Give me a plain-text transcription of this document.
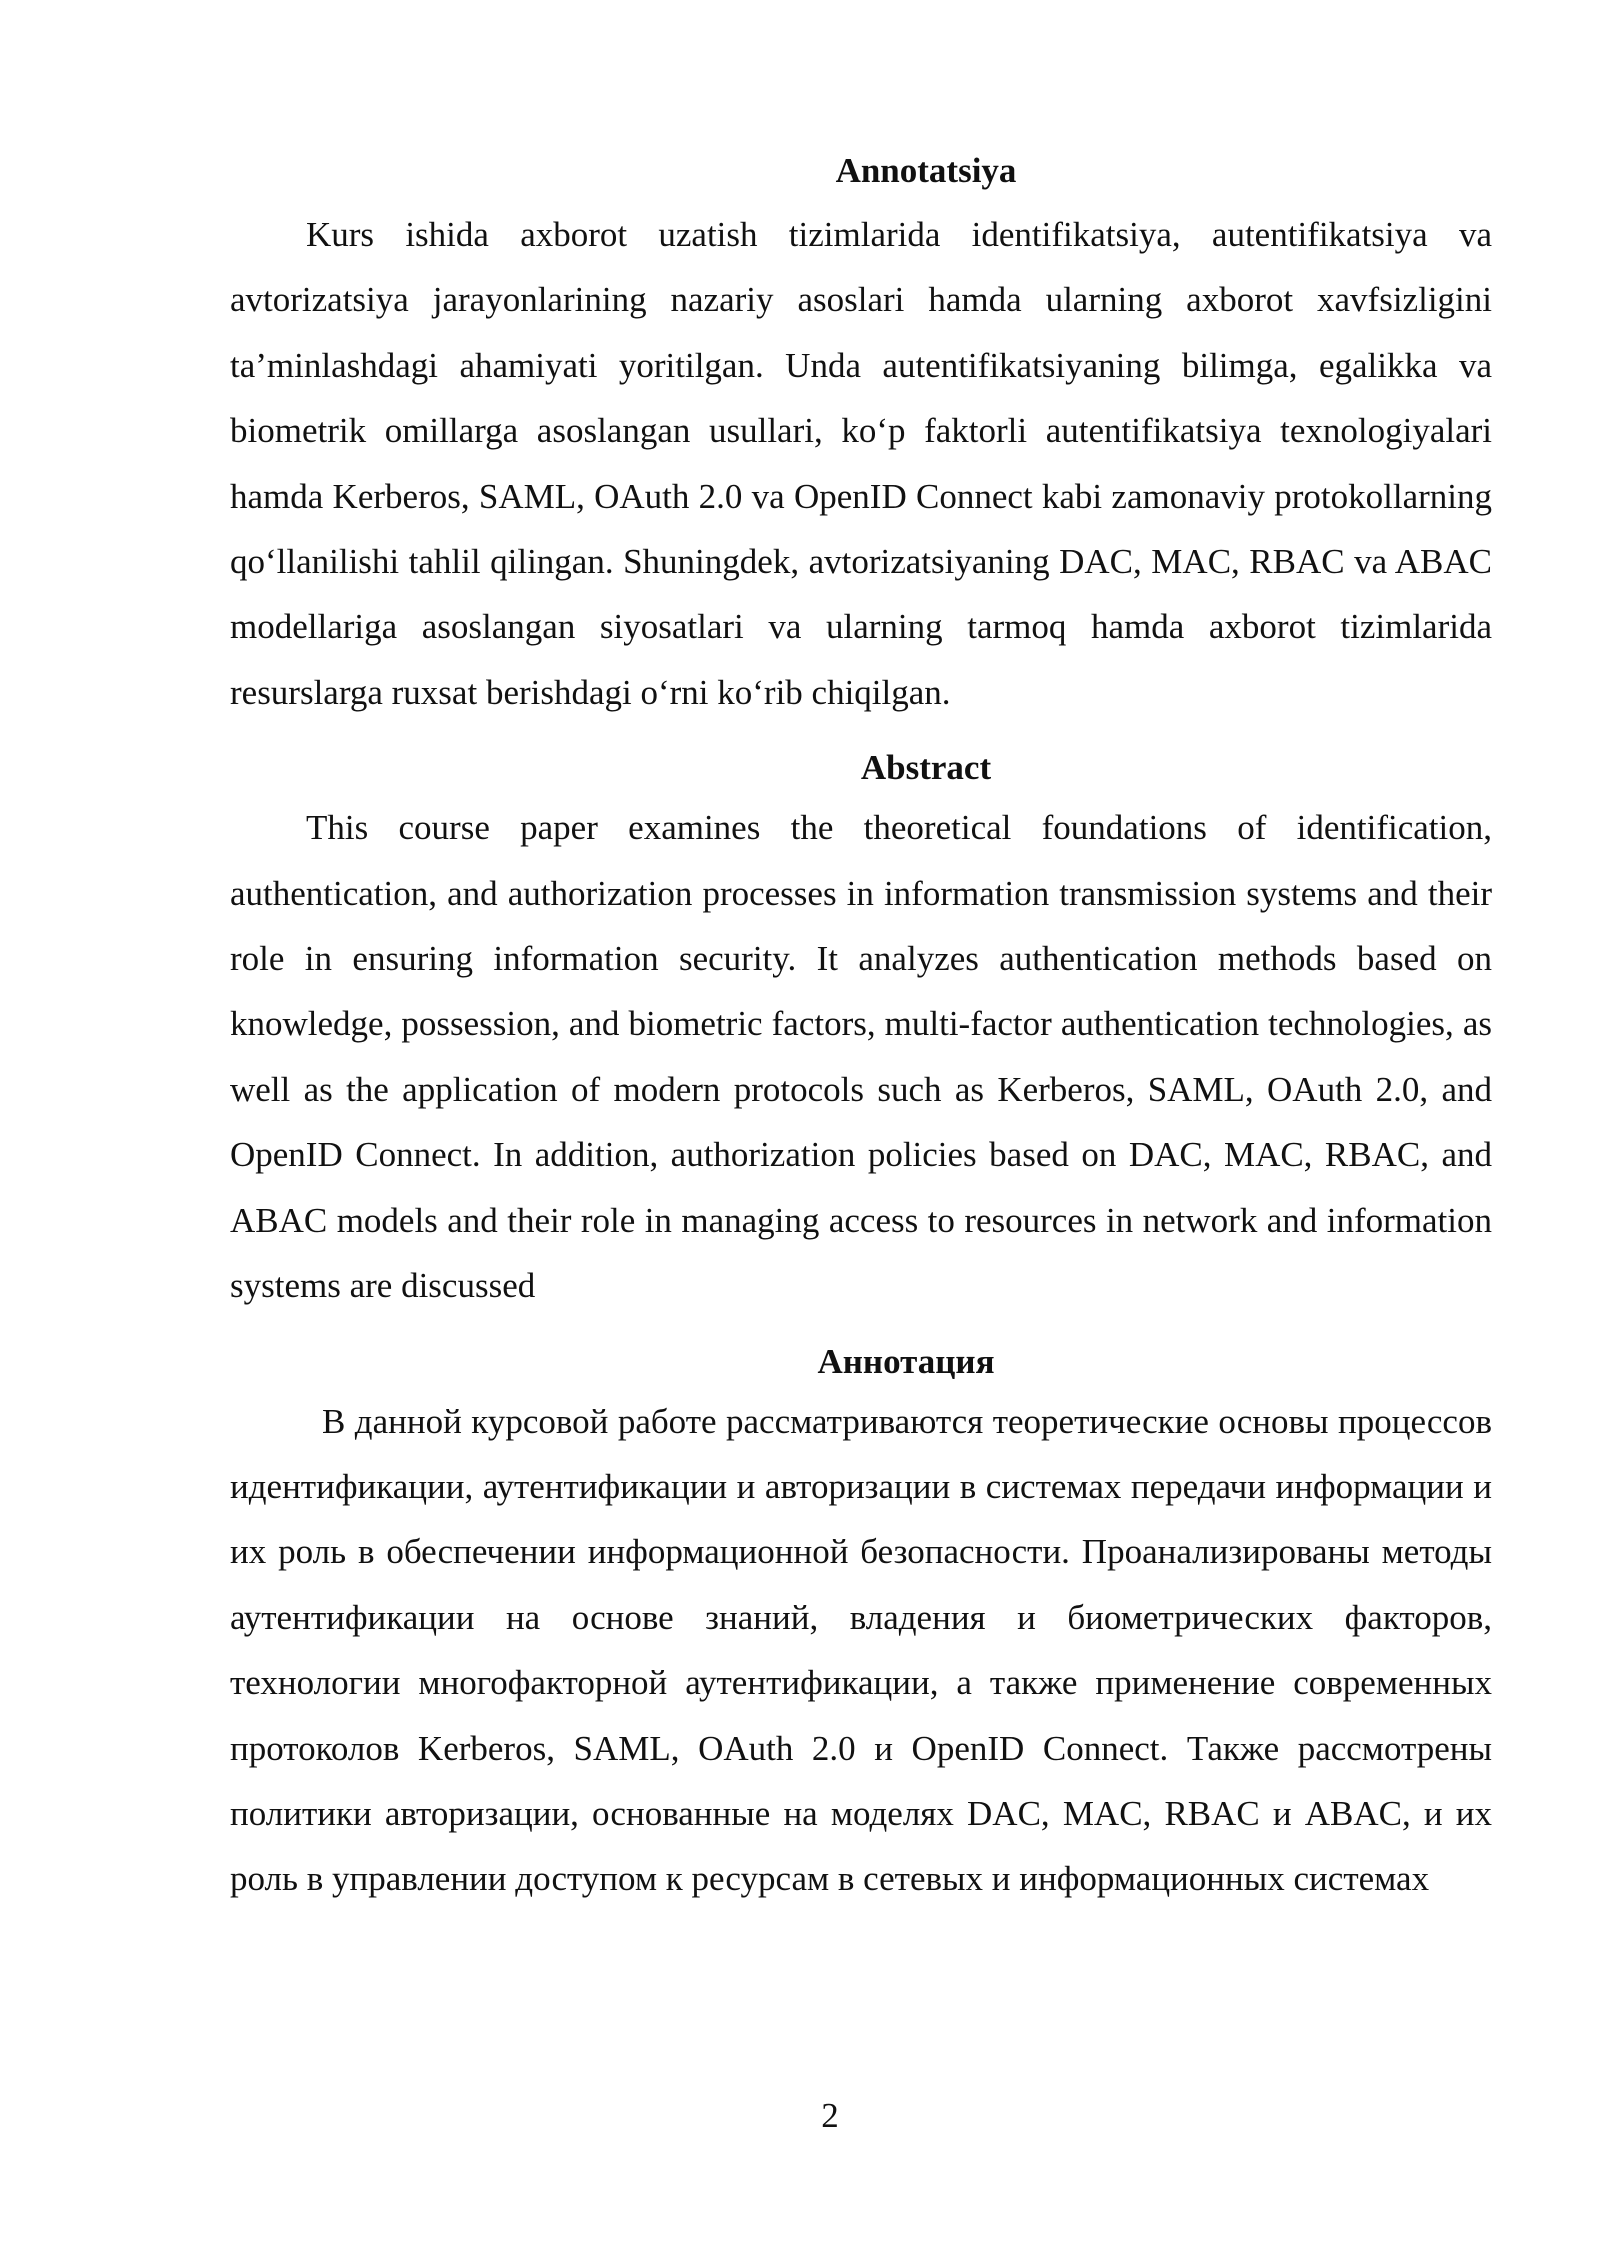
Annotatsiya

Kurs ishida axborot uzatish tizimlarida identifikatsiya, autentifikatsiya va avtorizatsiya jarayonlarining nazariy asoslari hamda ularning axborot xavfsizligini ta’minlashdagi ahamiyati yoritilgan. Unda autentifikatsiyaning bilimga, egalikka va biometrik omillarga asoslangan usullari, ko‘p faktorli autentifikatsiya texnologiyalari hamda Kerberos, SAML, OAuth 2.0 va OpenID Connect kabi zamonaviy protokollarning qo‘llanilishi tahlil qilingan. Shuningdek, avtorizatsiyaning DAC, MAC, RBAC va ABAC modellariga asoslangan siyosatlari va ularning tarmoq hamda axborot tizimlarida resurslarga ruxsat berishdagi o‘rni ko‘rib chiqilgan.

Abstract

This course paper examines the theoretical foundations of identification, authentication, and authorization processes in information transmission systems and their role in ensuring information security. It analyzes authentication methods based on knowledge, possession, and biometric factors, multi-factor authentication technologies, as well as the application of modern protocols such as Kerberos, SAML, OAuth 2.0, and OpenID Connect. In addition, authorization policies based on DAC, MAC, RBAC, and ABAC models and their role in managing access to resources in network and information systems are discussed

Аннотация

В данной курсовой работе рассматриваются теоретические основы процессов идентификации, аутентификации и авторизации в системах передачи информации и их роль в обеспечении информационной безопасности. Проанализированы методы аутентификации на основе знаний, владения и биометрических факторов, технологии многофакторной аутентификации, а также применение современных протоколов Kerberos, SAML, OAuth 2.0 и OpenID Connect. Также рассмотрены политики авторизации, основанные на моделях DAC, MAC, RBAC и ABAC, и их роль в управлении доступом к ресурсам в сетевых и информационных системах

2
